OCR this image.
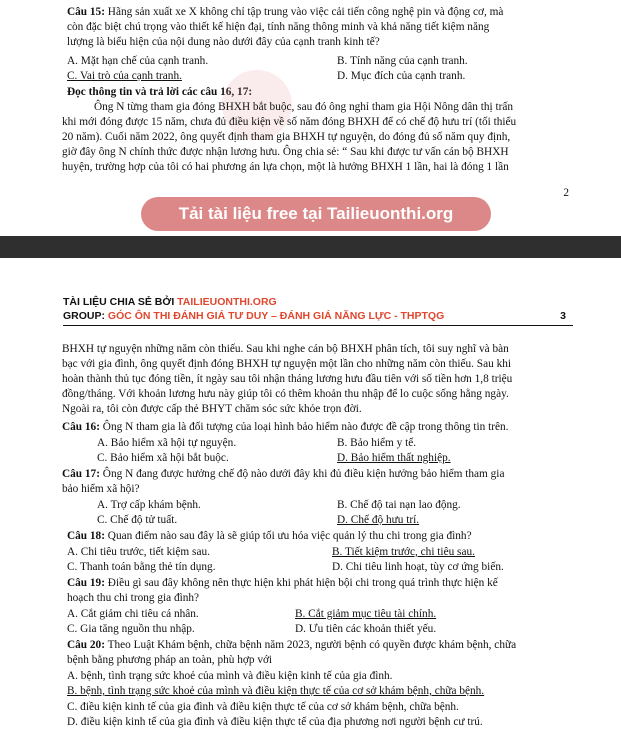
Câu 15: Hãng sản xuất xe X không chỉ tập trung vào việc cải tiến công nghệ pin và động cơ, mà
còn đặc biệt chú trọng vào thiết kế hiện đại, tính năng thông minh và khả năng tiết kiệm năng
lượng là biểu hiện của nội dung nào dưới đây của cạnh tranh kinh tế?
A. Mặt hạn chế của cạnh tranh.	B. Tính năng của cạnh tranh.
C. Vai trò của cạnh tranh.	D. Mục đích của cạnh tranh.
Đọc thông tin và trả lời các câu 16, 17:
Ông N từng tham gia đóng BHXH bắt buộc, sau đó ông nghỉ tham gia Hội Nông dân thị trấn
khi mới đóng được 15 năm, chưa đủ điều kiện về số năm đóng BHXH để có chế độ hưu trí (tối thiểu
20 năm). Cuối năm 2022, ông quyết định tham gia BHXH tự nguyện, do đóng đủ số năm quy định,
giờ đây ông N chính thức được nhận lương hưu. Ông chia sẻ: “ Sau khi được tư vấn cán bộ BHXH
huyện, trường hợp của tôi có hai phương án lựa chọn, một là hưởng BHXH 1 lần, hai là đóng 1 lần
2
Tải tài liệu free tại Tailieuonthi.org
TÀI LIỆU CHIA SẺ BỞI TAILIEUONTHI.ORG
GROUP: GÓC ÔN THI ĐÁNH GIÁ TƯ DUY – ĐÁNH GIÁ NĂNG LỰC - THPTQG	3
BHXH tự nguyện những năm còn thiếu. Sau khi nghe cán bộ BHXH phân tích, tôi suy nghĩ và bàn
bạc với gia đình, ông quyết định đóng BHXH tự nguyện một lần cho những năm còn thiếu. Sau khi
hoàn thành thủ tục đóng tiền, ít ngày sau tôi nhận tháng lương hưu đầu tiên với số tiền hơn 1,8 triệu
đồng/tháng. Với khoản lương hưu này giúp tôi có thêm khoản thu nhập để lo cuộc sống hằng ngày.
Ngoài ra, tôi còn được cấp thẻ BHYT chăm sóc sức khỏe trọn đời.
Câu 16: Ông N tham gia là đối tượng của loại hình bảo hiểm nào được đề cập trong thông tin trên.
A. Bảo hiểm xã hội tự nguyện.	B. Bảo hiểm y tế.
C. Bảo hiểm xã hội bắt buộc.	D. Bảo hiểm thất nghiệp.
Câu 17: Ông N đang được hưởng chế độ nào dưới đây khi đủ điều kiện hưởng bảo hiểm tham gia
bảo hiểm xã hội?
A. Trợ cấp khám bệnh.	B. Chế độ tai nạn lao động.
C. Chế độ tử tuất.	D. Chế độ hưu trí.
Câu 18: Quan điểm nào sau đây là sẽ giúp tối ưu hóa việc quản lý thu chi trong gia đình?
A. Chi tiêu trước, tiết kiệm sau.	B. Tiết kiệm trước, chi tiêu sau.
C. Thanh toán bằng thẻ tín dụng.	D. Chi tiêu linh hoạt, tùy cơ ứng biến.
Câu 19: Điều gì sau đây không nên thực hiện khi phát hiện bội chi trong quá trình thực hiện kế
hoạch thu chi trong gia đình?
A. Cắt giảm chi tiêu cá nhân.	B. Cắt giảm mục tiêu tài chính.
C. Gia tăng nguồn thu nhập.	D. Ưu tiên các khoản thiết yếu.
Câu 20: Theo Luật Khám bệnh, chữa bệnh năm 2023, người bệnh có quyền được khám bệnh, chữa
bệnh bằng phương pháp an toàn, phù hợp với
A. bệnh, tình trạng sức khoẻ của mình và điều kiện kinh tế của gia đình.
B. bệnh, tình trạng sức khoẻ của mình và điều kiện thực tế của cơ sở khám bệnh, chữa bệnh.
C. điều kiện kinh tế của gia đình và điều kiện thực tế của cơ sở khám bệnh, chữa bệnh.
D. điều kiện kinh tế của gia đình và điều kiện thực tế của địa phương nơi người bệnh cư trú.
